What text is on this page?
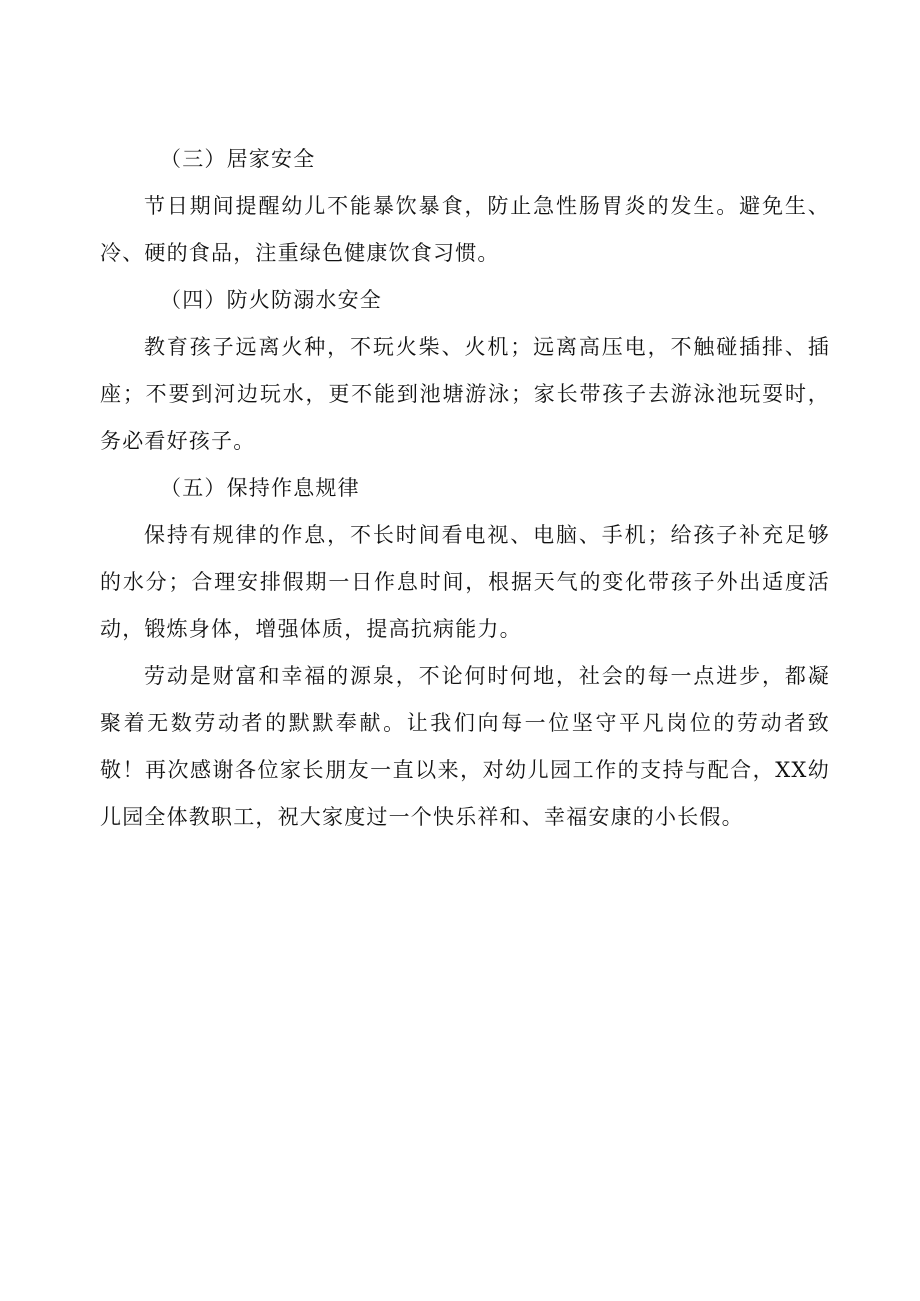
（三）居家安全

节日期间提醒幼儿不能暴饮暴食，防止急性肠胃炎的发生。避免生、冷、硬的食品，注重绿色健康饮食习惯。

（四）防火防溺水安全

教育孩子远离火种，不玩火柴、火机；远离高压电，不触碰插排、插座；不要到河边玩水，更不能到池塘游泳；家长带孩子去游泳池玩耍时，务必看好孩子。

（五）保持作息规律

保持有规律的作息，不长时间看电视、电脑、手机；给孩子补充足够的水分；合理安排假期一日作息时间，根据天气的变化带孩子外出适度活动，锻炼身体，增强体质，提高抗病能力。

劳动是财富和幸福的源泉，不论何时何地，社会的每一点进步，都凝聚着无数劳动者的默默奉献。让我们向每一位坚守平凡岗位的劳动者致敬！再次感谢各位家长朋友一直以来，对幼儿园工作的支持与配合，XX幼儿园全体教职工，祝大家度过一个快乐祥和、幸福安康的小长假。
